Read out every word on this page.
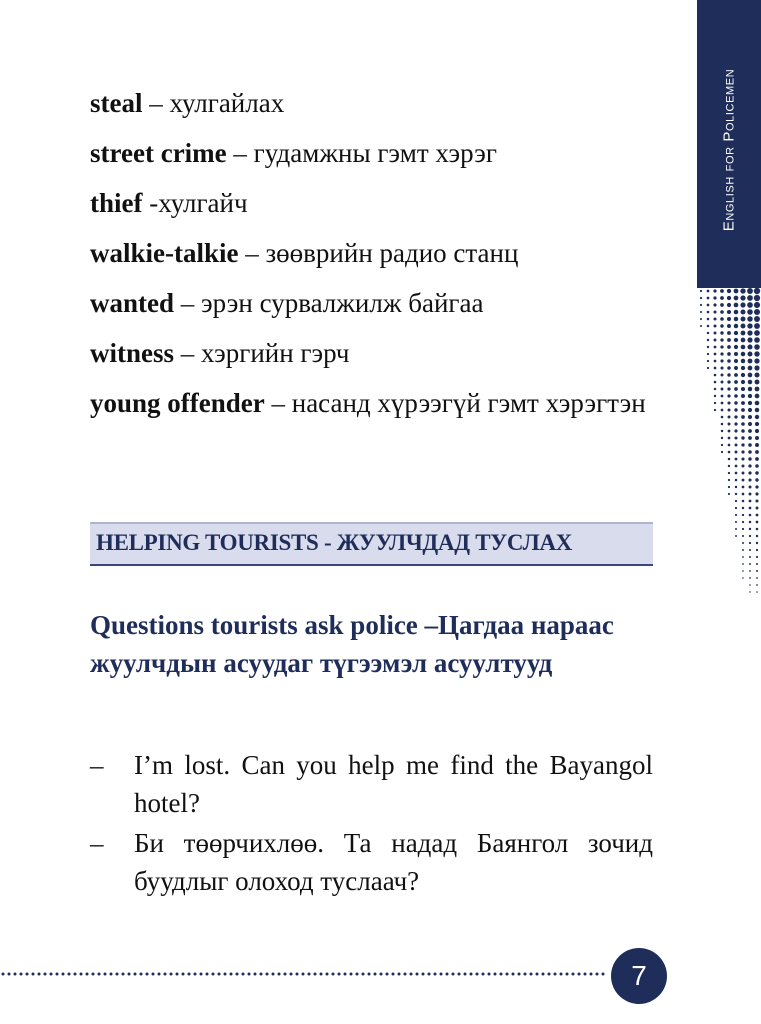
English for Policemen

steal – хулгайлах

street crime – гудамжны гэмт хэрэг

thief -хулгайч

walkie-talkie – зөөврийн радио станц

wanted – эрэн сурвалжилж байгаа

witness – хэргийн гэрч

young offender – насанд хүрээгүй гэмт хэрэгтэн

HELPING TOURISTS - ЖУУЛЧДАД ТУСЛАХ

Questions tourists ask police –Цагдаа нараас жуулчдын асуудаг түгээмэл асуултууд

– I’m lost. Can you help me find the Bayangol hotel?
– Би төөрчихлөө. Та надад Баянгол зочид буудлыг олоход туслаач?
7
